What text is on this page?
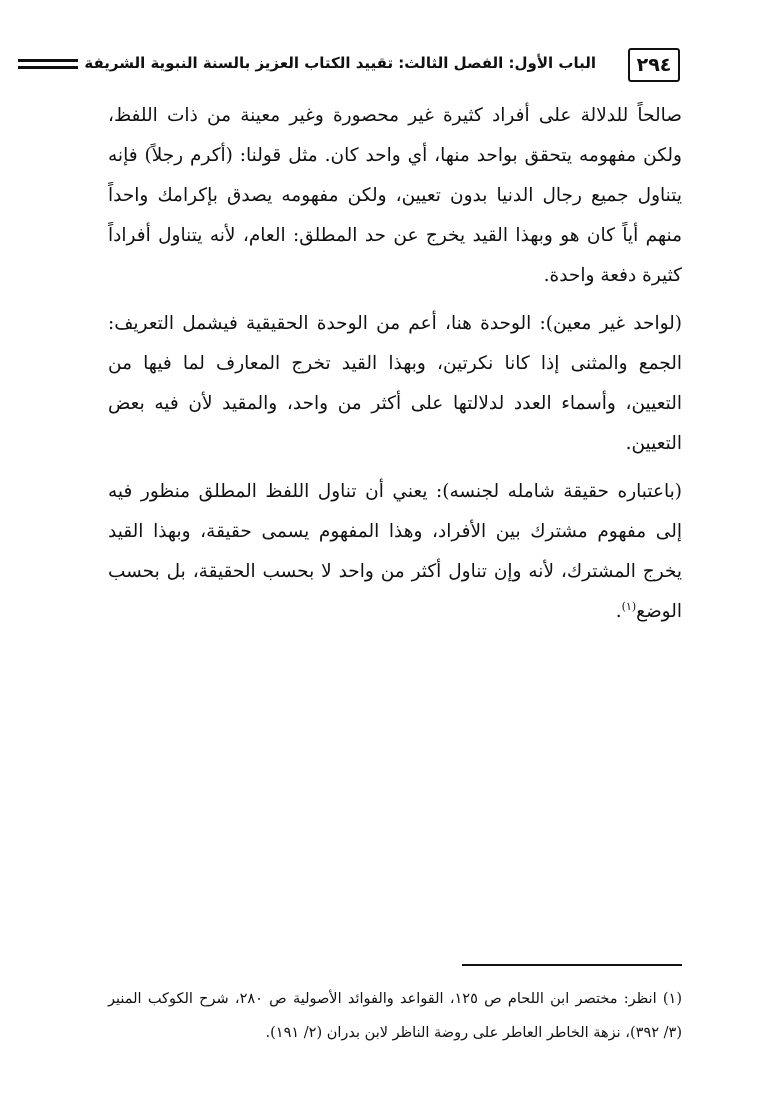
٢٩٤
الباب الأول: الفصل الثالث: تقييد الكتاب العزيز بالسنة النبوية الشريفة

صالحاً للدلالة على أفراد كثيرة غير محصورة وغير معينة من ذات اللفظ، ولكن مفهومه يتحقق بواحد منها، أي واحد كان. مثل قولنا: (أكرم رجلاً) فإنه يتناول جميع رجال الدنيا بدون تعيين، ولكن مفهومه يصدق بإكرامك واحداً منهم أياً كان هو وبهذا القيد يخرج عن حد المطلق: العام، لأنه يتناول أفراداً كثيرة دفعة واحدة.

(لواحد غير معين): الوحدة هنا، أعم من الوحدة الحقيقية فيشمل التعريف: الجمع والمثنى إذا كانا نكرتين، وبهذا القيد تخرج المعارف لما فيها من التعيين، وأسماء العدد لدلالتها على أكثر من واحد، والمقيد لأن فيه بعض التعيين.

(باعتباره حقيقة شامله لجنسه): يعني أن تناول اللفظ المطلق منظور فيه إلى مفهوم مشترك بين الأفراد، وهذا المفهوم يسمى حقيقة، وبهذا القيد يخرج المشترك، لأنه وإن تناول أكثر من واحد لا بحسب الحقيقة، بل بحسب الوضع$^{(١)}$.

(١) انظر: مختصر ابن اللحام ص ١٢٥، القواعد والفوائد الأصولية ص ٢٨٠، شرح الكوكب المنير (٣/ ٣٩٢)، نزهة الخاطر العاطر على روضة الناظر لابن بدران (٢/ ١٩١).
